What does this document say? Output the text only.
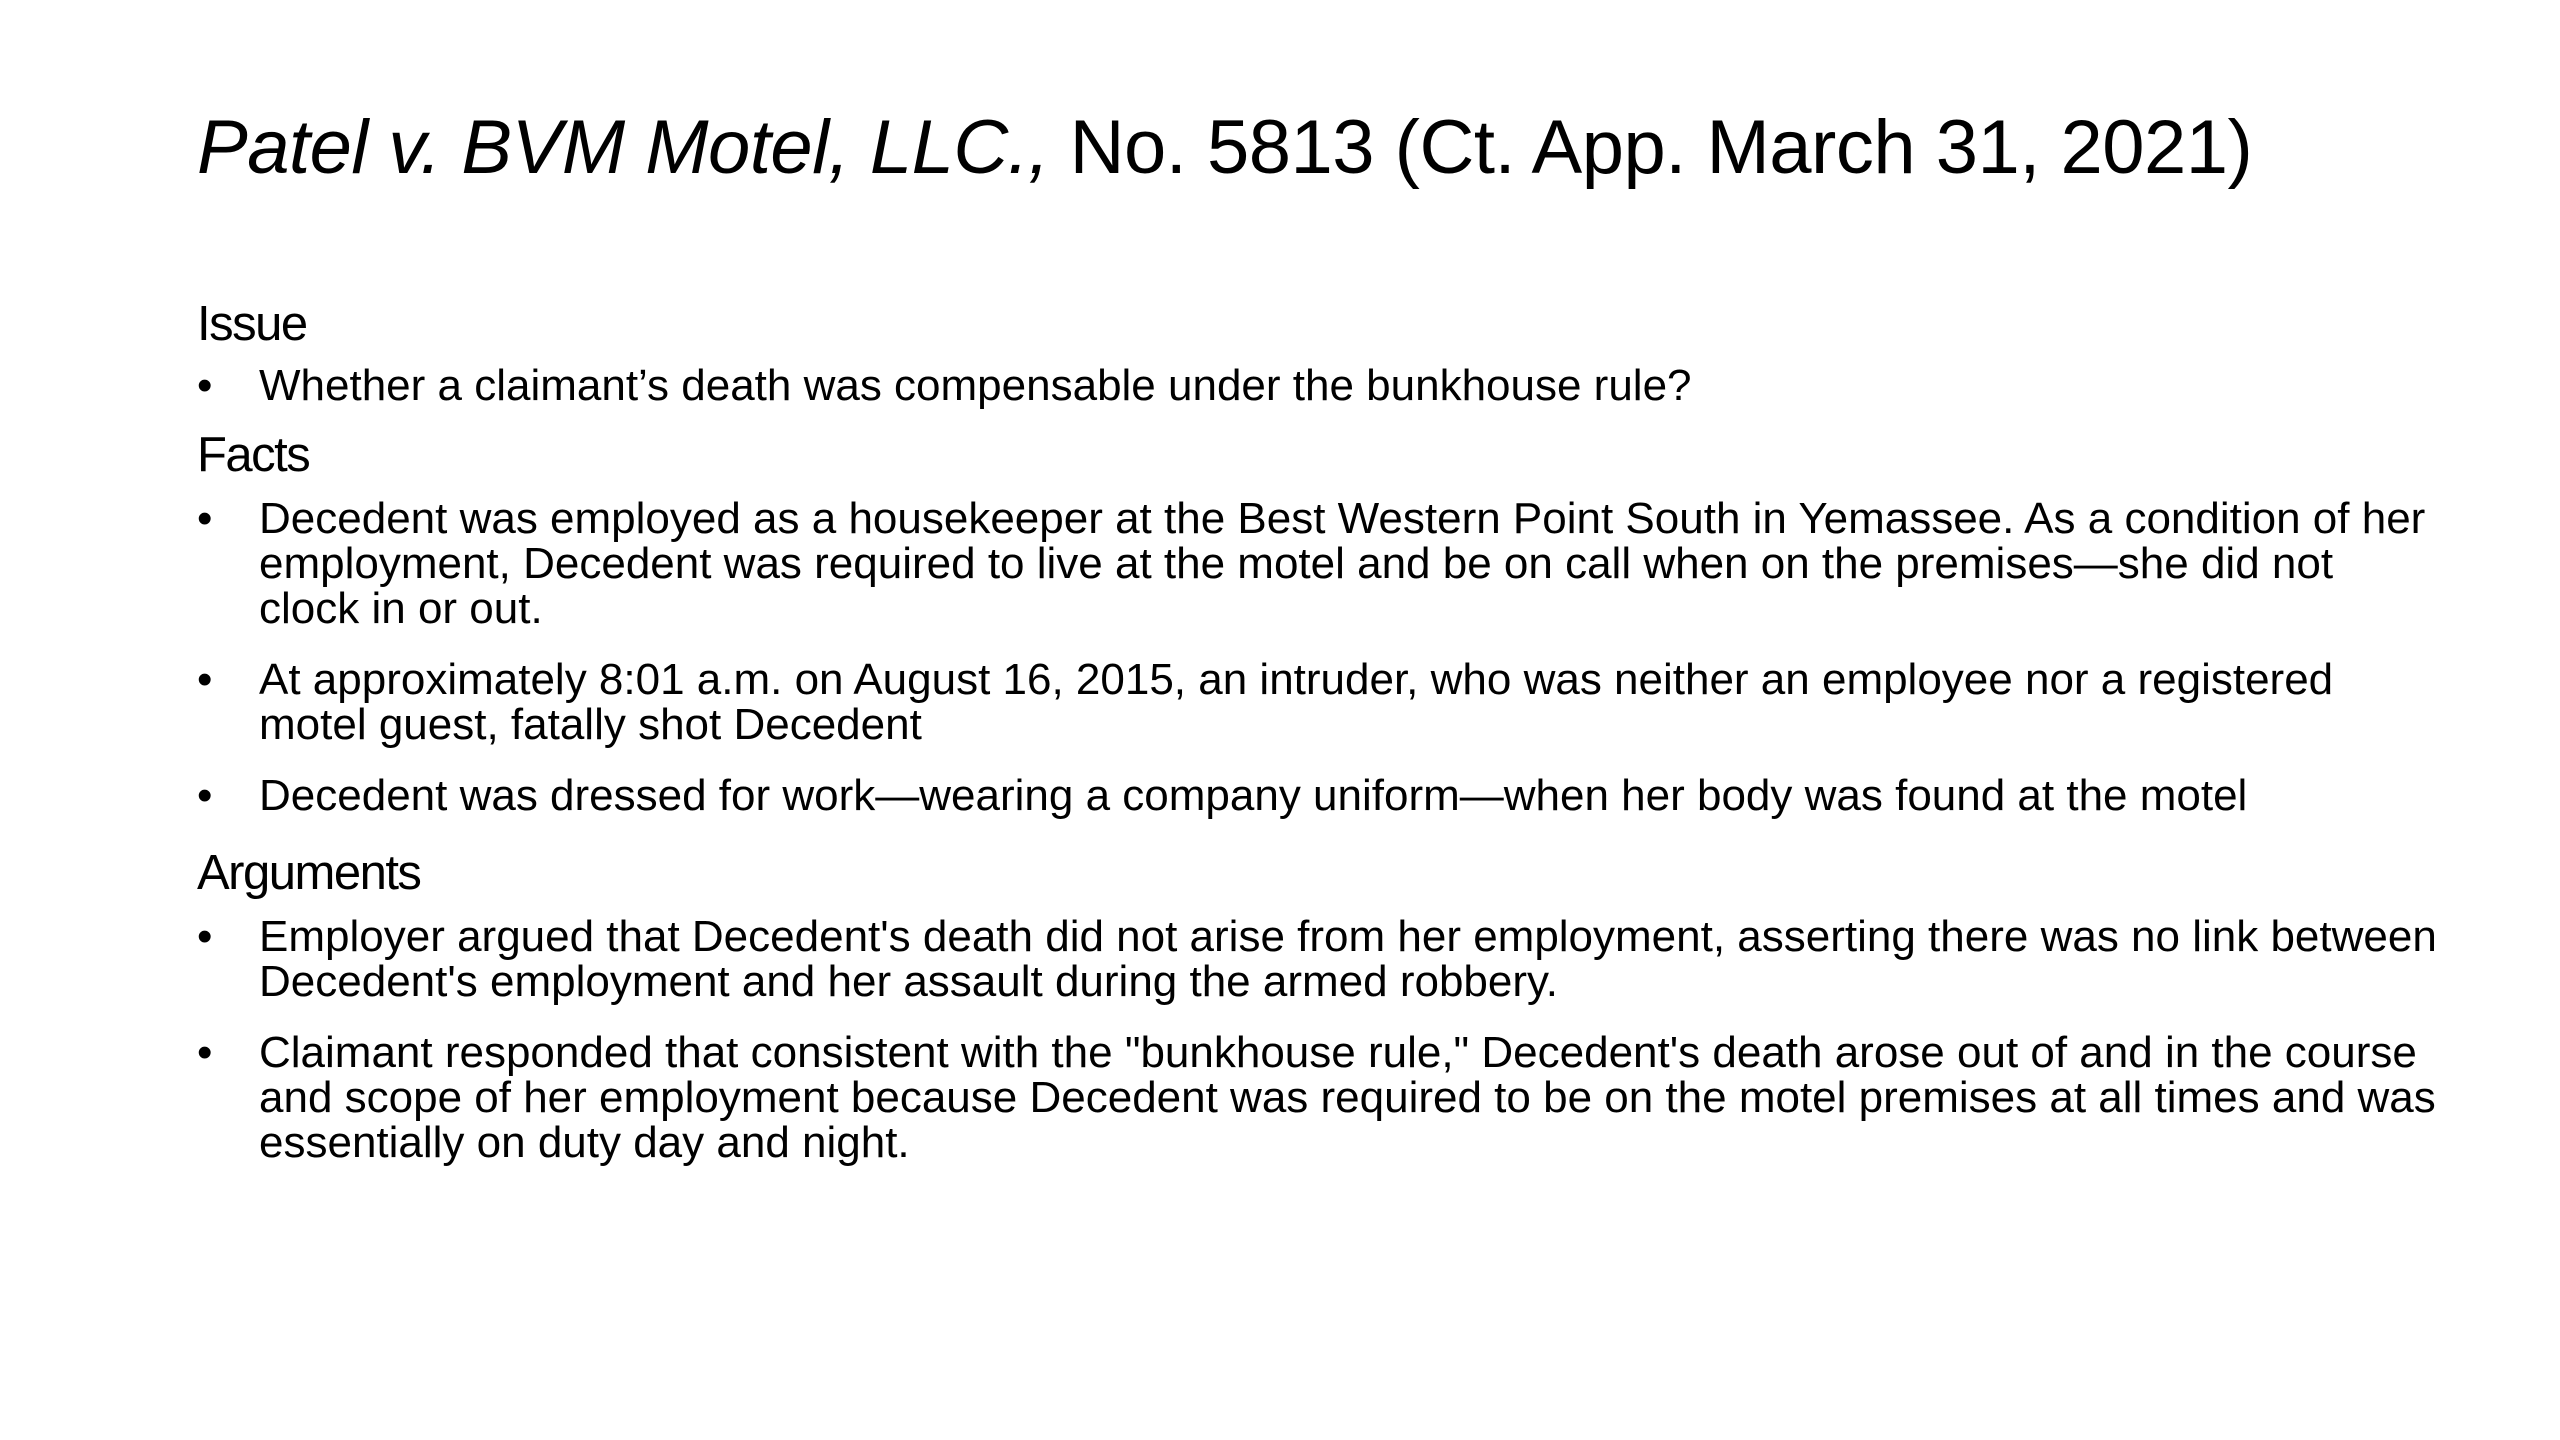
Patel v. BVM Motel, LLC., No. 5813 (Ct. App. March 31, 2021)
Issue
• Whether a claimant’s death was compensable under the bunkhouse rule?
Facts
• Decedent was employed as a housekeeper at the Best Western Point South in Yemassee. As a condition of her employment, Decedent was required to live at the motel and be on call when on the premises—she did not clock in or out.
• At approximately 8:01 a.m. on August 16, 2015, an intruder, who was neither an employee nor a registered motel guest, fatally shot Decedent
• Decedent was dressed for work—wearing a company uniform—when her body was found at the motel
Arguments
• Employer argued that Decedent's death did not arise from her employment, asserting there was no link between Decedent's employment and her assault during the armed robbery.
• Claimant responded that consistent with the "bunkhouse rule," Decedent's death arose out of and in the course and scope of her employment because Decedent was required to be on the motel premises at all times and was essentially on duty day and night.
